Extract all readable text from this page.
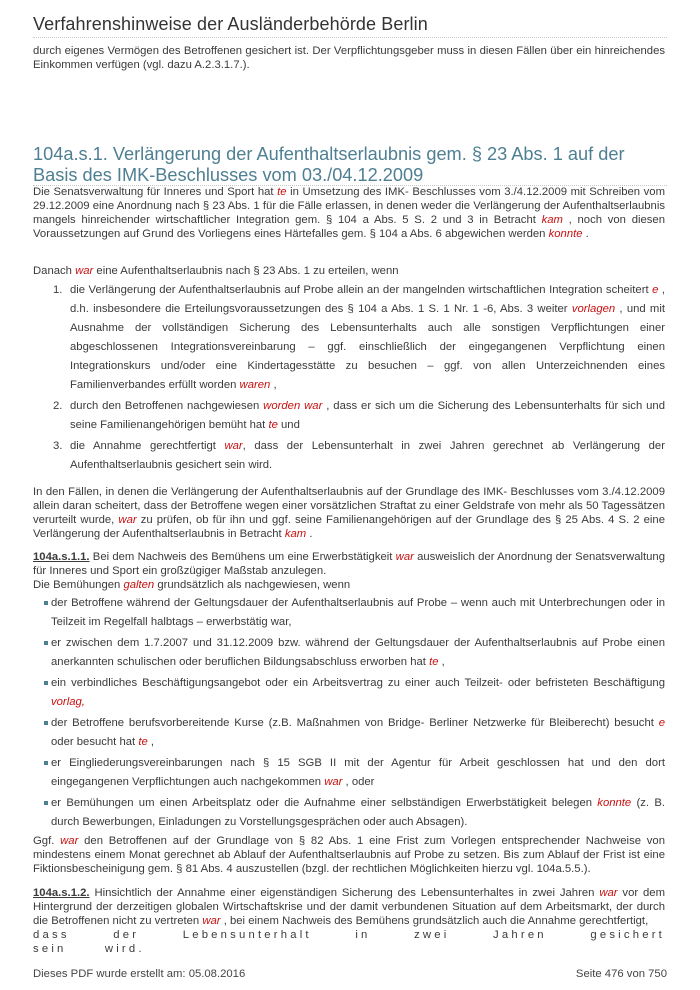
Verfahrenshinweise der Ausländerbehörde Berlin
durch eigenes Vermögen des Betroffenen gesichert ist. Der Verpflichtungsgeber muss in diesen Fällen über ein hinreichendes Einkommen verfügen (vgl. dazu A.2.3.1.7.).
104a.s.1. Verlängerung der Aufenthaltserlaubnis gem. § 23 Abs. 1 auf der Basis des IMK-Beschlusses vom 03./04.12.2009
Die Senatsverwaltung für Inneres und Sport hat te in Umsetzung des IMK- Beschlusses vom 3./4.12.2009 mit Schreiben vom 29.12.2009 eine Anordnung nach § 23 Abs. 1 für die Fälle erlassen, in denen weder die Verlängerung der Aufenthaltserlaubnis mangels hinreichender wirtschaftlicher Integration gem. § 104 a Abs. 5 S. 2 und 3 in Betracht kam , noch von diesen Voraussetzungen auf Grund des Vorliegens eines Härtefalles gem. § 104 a Abs. 6 abgewichen werden konnte .
Danach war eine Aufenthaltserlaubnis nach § 23 Abs. 1 zu erteilen, wenn
1. die Verlängerung der Aufenthaltserlaubnis auf Probe allein an der mangelnden wirtschaftlichen Integration scheitert e , d.h. insbesondere die Erteilungsvoraussetzungen des § 104 a Abs. 1 S. 1 Nr. 1 -6, Abs. 3 weiter vorlagen , und mit Ausnahme der vollständigen Sicherung des Lebensunterhalts auch alle sonstigen Verpflichtungen einer abgeschlossenen Integrationsvereinbarung – ggf. einschließlich der eingegangenen Verpflichtung einen Integrationskurs und/oder eine Kindertagesstätte zu besuchen – ggf. von allen Unterzeichnenden eines Familienverbandes erfüllt worden waren ,
2. durch den Betroffenen nachgewiesen worden war , dass er sich um die Sicherung des Lebensunterhalts für sich und seine Familienangehörigen bemüht hat te und
3. die Annahme gerechtfertigt war, dass der Lebensunterhalt in zwei Jahren gerechnet ab Verlängerung der Aufenthaltserlaubnis gesichert sein wird.
In den Fällen, in denen die Verlängerung der Aufenthaltserlaubnis auf der Grundlage des IMK- Beschlusses vom 3./4.12.2009 allein daran scheitert, dass der Betroffene wegen einer vorsätzlichen Straftat zu einer Geldstrafe von mehr als 50 Tagessätzen verurteilt wurde, war zu prüfen, ob für ihn und ggf. seine Familienangehörigen auf der Grundlage des § 25 Abs. 4 S. 2 eine Verlängerung der Aufenthaltserlaubnis in Betracht kam .
104a.s.1.1. Bei dem Nachweis des Bemühens um eine Erwerbstätigkeit war ausweislich der Anordnung der Senatsverwaltung für Inneres und Sport ein großzügiger Maßstab anzulegen.
Die Bemühungen galten grundsätzlich als nachgewiesen, wenn
der Betroffene während der Geltungsdauer der Aufenthaltserlaubnis auf Probe – wenn auch mit Unterbrechungen oder in Teilzeit im Regelfall halbtags – erwerbstätig war,
er zwischen dem 1.7.2007 und 31.12.2009 bzw. während der Geltungsdauer der Aufenthaltserlaubnis auf Probe einen anerkannten schulischen oder beruflichen Bildungsabschluss erworben hat te ,
ein verbindliches Beschäftigungsangebot oder ein Arbeitsvertrag zu einer auch Teilzeit- oder befristeten Beschäftigung vorlag,
der Betroffene berufsvorbereitende Kurse (z.B. Maßnahmen von Bridge- Berliner Netzwerke für Bleiberecht) besucht e oder besucht hat te ,
er Eingliederungsvereinbarungen nach § 15 SGB II mit der Agentur für Arbeit geschlossen hat und den dort eingegangenen Verpflichtungen auch nachgekommen war , oder
er Bemühungen um einen Arbeitsplatz oder die Aufnahme einer selbständigen Erwerbstätigkeit belegen konnte (z. B. durch Bewerbungen, Einladungen zu Vorstellungsgesprächen oder auch Absagen).
Ggf. war den Betroffenen auf der Grundlage von § 82 Abs. 1 eine Frist zum Vorlegen entsprechender Nachweise von mindestens einem Monat gerechnet ab Ablauf der Aufenthaltserlaubnis auf Probe zu setzen. Bis zum Ablauf der Frist ist eine Fiktionsbescheinigung gem. § 81 Abs. 4 auszustellen (bzgl. der rechtlichen Möglichkeiten hierzu vgl. 104a.5.5.).
104a.s.1.2. Hinsichtlich der Annahme einer eigenständigen Sicherung des Lebensunterhaltes in zwei Jahren war vor dem Hintergrund der derzeitigen globalen Wirtschaftskrise und der damit verbundenen Situation auf dem Arbeitsmarkt, der durch die Betroffenen nicht zu vertreten war , bei einem Nachweis des Bemühens grundsätzlich auch die Annahme gerechtfertigt,
dass der Lebensunterhalt in zwei Jahren gesichert sein wird.
Dieses PDF wurde erstellt am: 05.08.2016	Seite 476 von 750
